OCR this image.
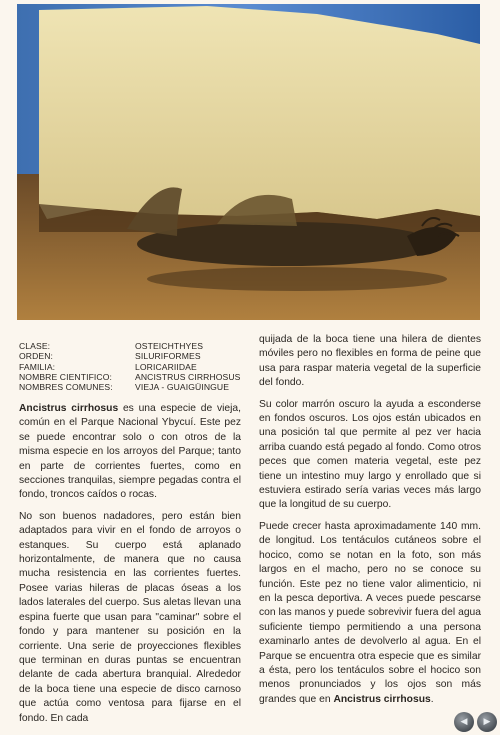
CLASE:	OSTEICHTHYES
ORDEN:	SILURIFORMES
FAMILIA:	LORICARIIDAE
NOMBRE CIENTIFICO:	ANCISTRUS CIRRHOSUS
NOMBRES COMUNES:	VIEJA - GUAIGÜINGUE

Ancistrus cirrhosus es una especie de vieja, común en el Parque Nacional Ybycuí. Este pez se puede encontrar solo o con otros de la misma especie en los arroyos del Parque; tanto en parte de corrientes fuertes, como en secciones tranquilas, siempre pegadas contra el fondo, troncos caídos o rocas.

No son buenos nadadores, pero están bien adaptados para vivir en el fondo de arroyos o estanques. Su cuerpo está aplanado horizontalmente, de manera que no causa mucha resistencia en las corrientes fuertes. Posee varias hileras de placas óseas a los lados laterales del cuerpo. Sus aletas llevan una espina fuerte que usan para "caminar" sobre el fondo y para mantener su posición en la corriente. Una serie de proyecciones flexibles que terminan en duras puntas se encuentran delante de cada abertura branquial. Alrededor de la boca tiene una especie de disco carnoso que actúa como ventosa para fijarse en el fondo. En cada

quijada de la boca tiene una hilera de dientes móviles pero no flexibles en forma de peine que usa para raspar materia vegetal de la superficie del fondo.

Su color marrón oscuro la ayuda a esconderse en fondos oscuros. Los ojos están ubicados en una posición tal que permite al pez ver hacia arriba cuando está pegado al fondo. Como otros peces que comen materia vegetal, este pez tiene un intestino muy largo y enrollado que si estuviera estirado sería varias veces más largo que la longitud de su cuerpo.

Puede crecer hasta aproximadamente 140 mm. de longitud. Los tentáculos cutáneos sobre el hocico, como se notan en la foto, son más largos en el macho, pero no se conoce su función. Este pez no tiene valor alimenticio, ni en la pesca deportiva. A veces puede pescarse con las manos y puede sobrevivir fuera del agua suficiente tiempo permitiendo a una persona examinarlo antes de devolverlo al agua. En el Parque se encuentra otra especie que es similar a ésta, pero los tentáculos sobre el hocico son menos pronunciados y los ojos son más grandes que en Ancistrus cirrhosus.

◀	▶
